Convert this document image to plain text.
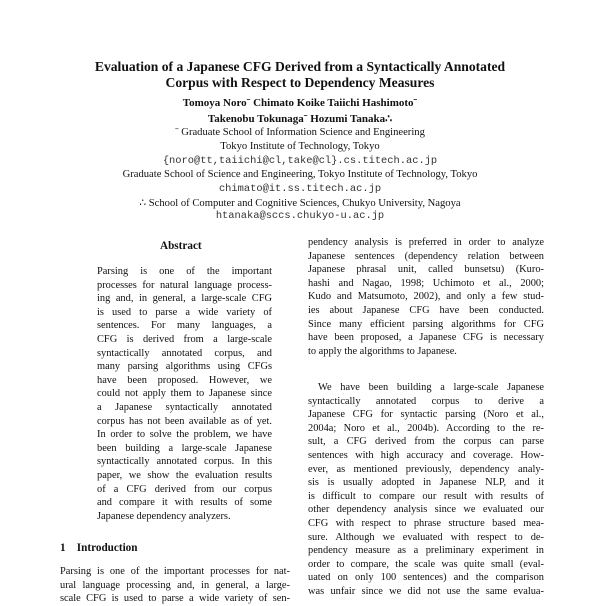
Evaluation of a Japanese CFG Derived from a Syntactically Annotated
Corpus with Respect to Dependency Measures
Tomoya Noroˉ Chimato Koike Taiichi Hashimotoˉ
Takenobu Tokunagaˉ Hozumi Tanaka∴
ˉ Graduate School of Information Science and Engineering
Tokyo Institute of Technology, Tokyo
{noro@tt,taiichi@cl,take@cl}.cs.titech.ac.jp
Graduate School of Science and Engineering, Tokyo Institute of Technology, Tokyo
chimato@it.ss.titech.ac.jp
∴ School of Computer and Cognitive Sciences, Chukyo University, Nagoya
htanaka@sccs.chukyo-u.ac.jp
Abstract
Parsing is one of the important
processes for natural language process-
ing and, in general, a large-scale CFG
is used to parse a wide variety of
sentences. For many languages, a
CFG is derived from a large-scale
syntactically annotated corpus, and
many parsing algorithms using CFGs
have been proposed. However, we
could not apply them to Japanese since
a Japanese syntactically annotated
corpus has not been available as of yet.
In order to solve the problem, we have
been building a large-scale Japanese
syntactically annotated corpus. In this
paper, we show the evaluation results
of a CFG derived from our corpus
and compare it with results of some
Japanese dependency analyzers.
1    Introduction
Parsing is one of the important processes for nat-
ural language processing and, in general, a large-
scale CFG is used to parse a wide variety of sen-
pendency analysis is preferred in order to analyze
Japanese sentences (dependency relation between
Japanese phrasal unit, called bunsetsu) (Kuro-
hashi and Nagao, 1998; Uchimoto et al., 2000;
Kudo and Matsumoto, 2002), and only a few stud-
ies about Japanese CFG have been conducted.
Since many efficient parsing algorithms for CFG
have been proposed, a Japanese CFG is necessary
to apply the algorithms to Japanese.
We have been building a large-scale Japanese
syntactically annotated corpus to derive a
Japanese CFG for syntactic parsing (Noro et al.,
2004a; Noro et al., 2004b). According to the re-
sult, a CFG derived from the corpus can parse
sentences with high accuracy and coverage. How-
ever, as mentioned previously, dependency analy-
sis is usually adopted in Japanese NLP, and it
is difficult to compare our result with results of
other dependency analysis since we evaluated our
CFG with respect to phrase structure based mea-
sure. Although we evaluated with respect to de-
pendency measure as a preliminary experiment in
order to compare, the scale was quite small (eval-
uated on only 100 sentences) and the comparison
was unfair since we did not use the same evalua-
